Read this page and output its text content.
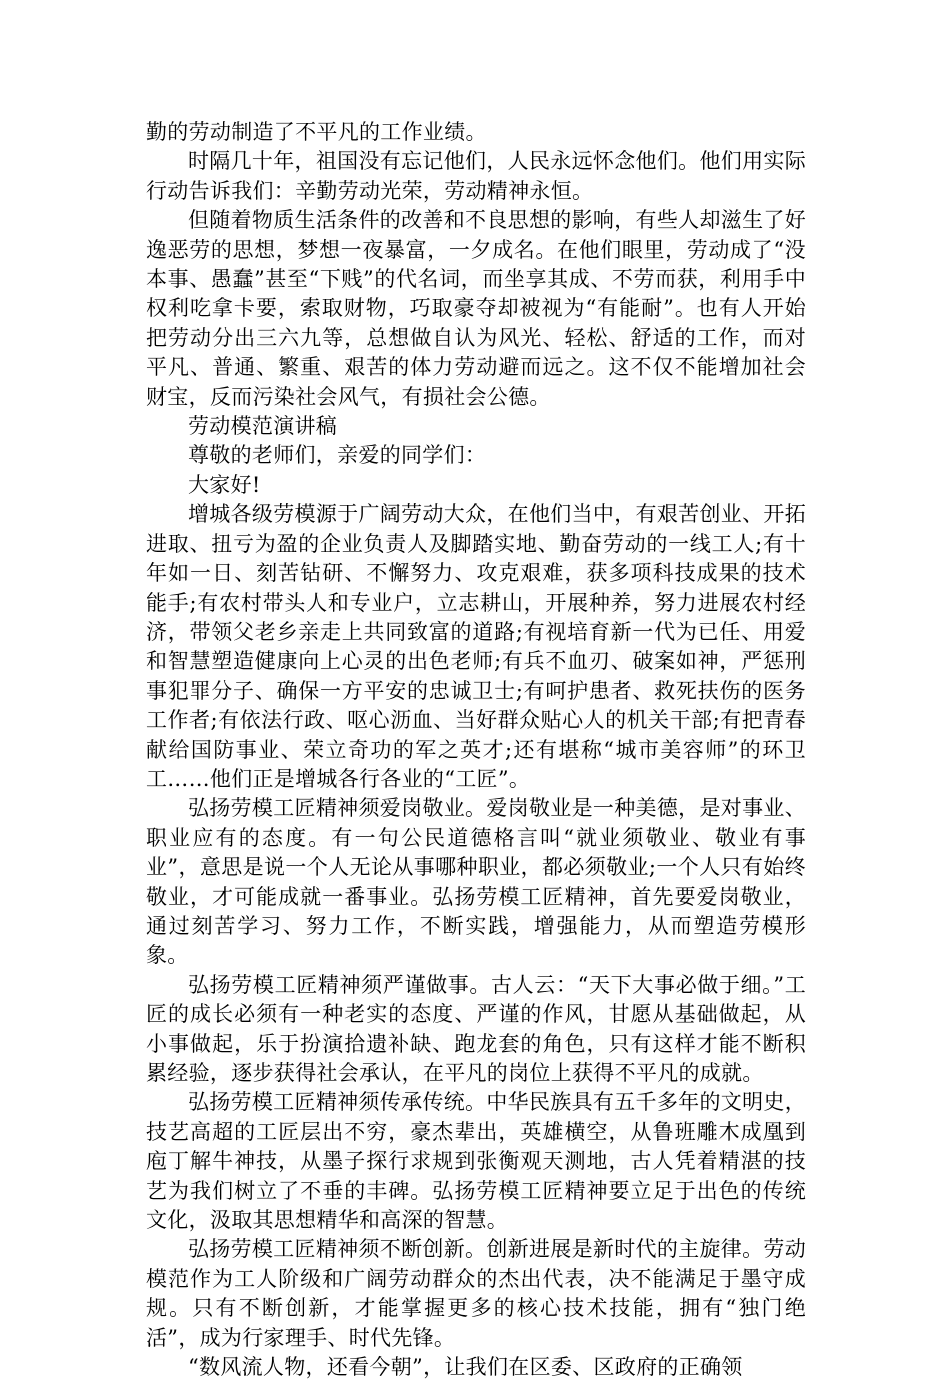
勤的劳动制造了不平凡的工作业绩。

时隔几十年，祖国没有忘记他们，人民永远怀念他们。他们用实际行动告诉我们：辛勤劳动光荣，劳动精神永恒。

但随着物质生活条件的改善和不良思想的影响，有些人却滋生了好逸恶劳的思想，梦想一夜暴富，一夕成名。在他们眼里，劳动成了“没本事、愚蠢”甚至“下贱”的代名词，而坐享其成、不劳而获，利用手中权利吃拿卡要，索取财物，巧取豪夺却被视为“有能耐”。也有人开始把劳动分出三六九等，总想做自认为风光、轻松、舒适的工作，而对平凡、普通、繁重、艰苦的体力劳动避而远之。这不仅不能增加社会财宝，反而污染社会风气，有损社会公德。

劳动模范演讲稿

尊敬的老师们，亲爱的同学们：

大家好!

增城各级劳模源于广阔劳动大众，在他们当中，有艰苦创业、开拓进取、扭亏为盈的企业负责人及脚踏实地、勤奋劳动的一线工人;有十年如一日、刻苦钻研、不懈努力、攻克艰难，获多项科技成果的技术能手;有农村带头人和专业户，立志耕山，开展种养，努力进展农村经济，带领父老乡亲走上共同致富的道路;有视培育新一代为已任、用爱和智慧塑造健康向上心灵的出色老师;有兵不血刃、破案如神，严惩刑事犯罪分子、确保一方平安的忠诚卫士;有呵护患者、救死扶伤的医务工作者;有依法行政、呕心沥血、当好群众贴心人的机关干部;有把青春献给国防事业、荣立奇功的军之英才;还有堪称“城市美容师”的环卫工……他们正是增城各行各业的“工匠”。

弘扬劳模工匠精神须爱岗敬业。爱岗敬业是一种美德，是对事业、职业应有的态度。有一句公民道德格言叫“就业须敬业、敬业有事业”，意思是说一个人无论从事哪种职业，都必须敬业;一个人只有始终敬业，才可能成就一番事业。弘扬劳模工匠精神，首先要爱岗敬业，通过刻苦学习、努力工作，不断实践，增强能力，从而塑造劳模形象。

弘扬劳模工匠精神须严谨做事。古人云：“天下大事必做于细。”工匠的成长必须有一种老实的态度、严谨的作风，甘愿从基础做起，从小事做起，乐于扮演拾遗补缺、跑龙套的角色，只有这样才能不断积累经验，逐步获得社会承认，在平凡的岗位上获得不平凡的成就。

弘扬劳模工匠精神须传承传统。中华民族具有五千多年的文明史，技艺高超的工匠层出不穷，豪杰辈出，英雄横空，从鲁班雕木成凰到庖丁解牛神技，从墨子探行求规到张衡观天测地，古人凭着精湛的技艺为我们树立了不垂的丰碑。弘扬劳模工匠精神要立足于出色的传统文化，汲取其思想精华和高深的智慧。

弘扬劳模工匠精神须不断创新。创新进展是新时代的主旋律。劳动模范作为工人阶级和广阔劳动群众的杰出代表，决不能满足于墨守成规。只有不断创新，才能掌握更多的核心技术技能，拥有“独门绝活”，成为行家理手、时代先锋。

“数风流人物，还看今朝”，让我们在区委、区政府的正确领
